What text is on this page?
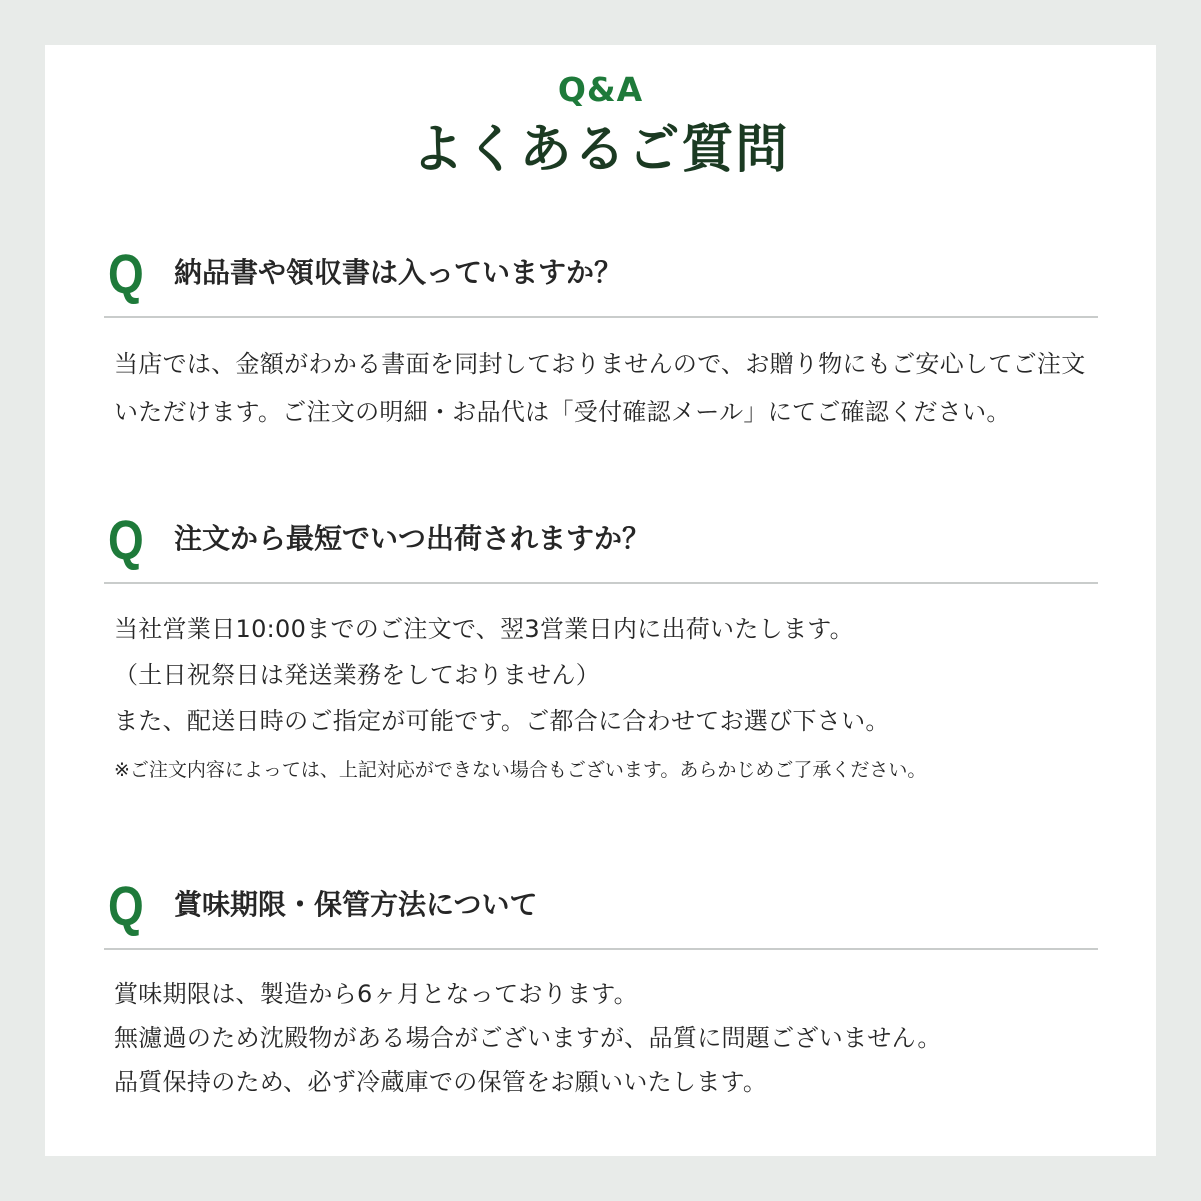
Q&A
よくあるご質問
Q 納品書や領収書は入っていますか？
当店では、金額がわかる書面を同封しておりませんので、お贈り物にもご安心してご注文
いただけます。ご注文の明細・お品代は「受付確認メール」にてご確認ください。
Q 注文から最短でいつ出荷されますか？
当社営業日10:00までのご注文で、翌3営業日内に出荷いたします。
（土日祝祭日は発送業務をしておりません）
また、配送日時のご指定が可能です。ご都合に合わせてお選び下さい。
※ご注文内容によっては、上記対応ができない場合もございます。あらかじめご了承ください。
Q 賞味期限・保管方法について
賞味期限は、製造から6ヶ月となっております。
無濾過のため沈殿物がある場合がございますが、品質に問題ございません。
品質保持のため、必ず冷蔵庫での保管をお願いいたします。
